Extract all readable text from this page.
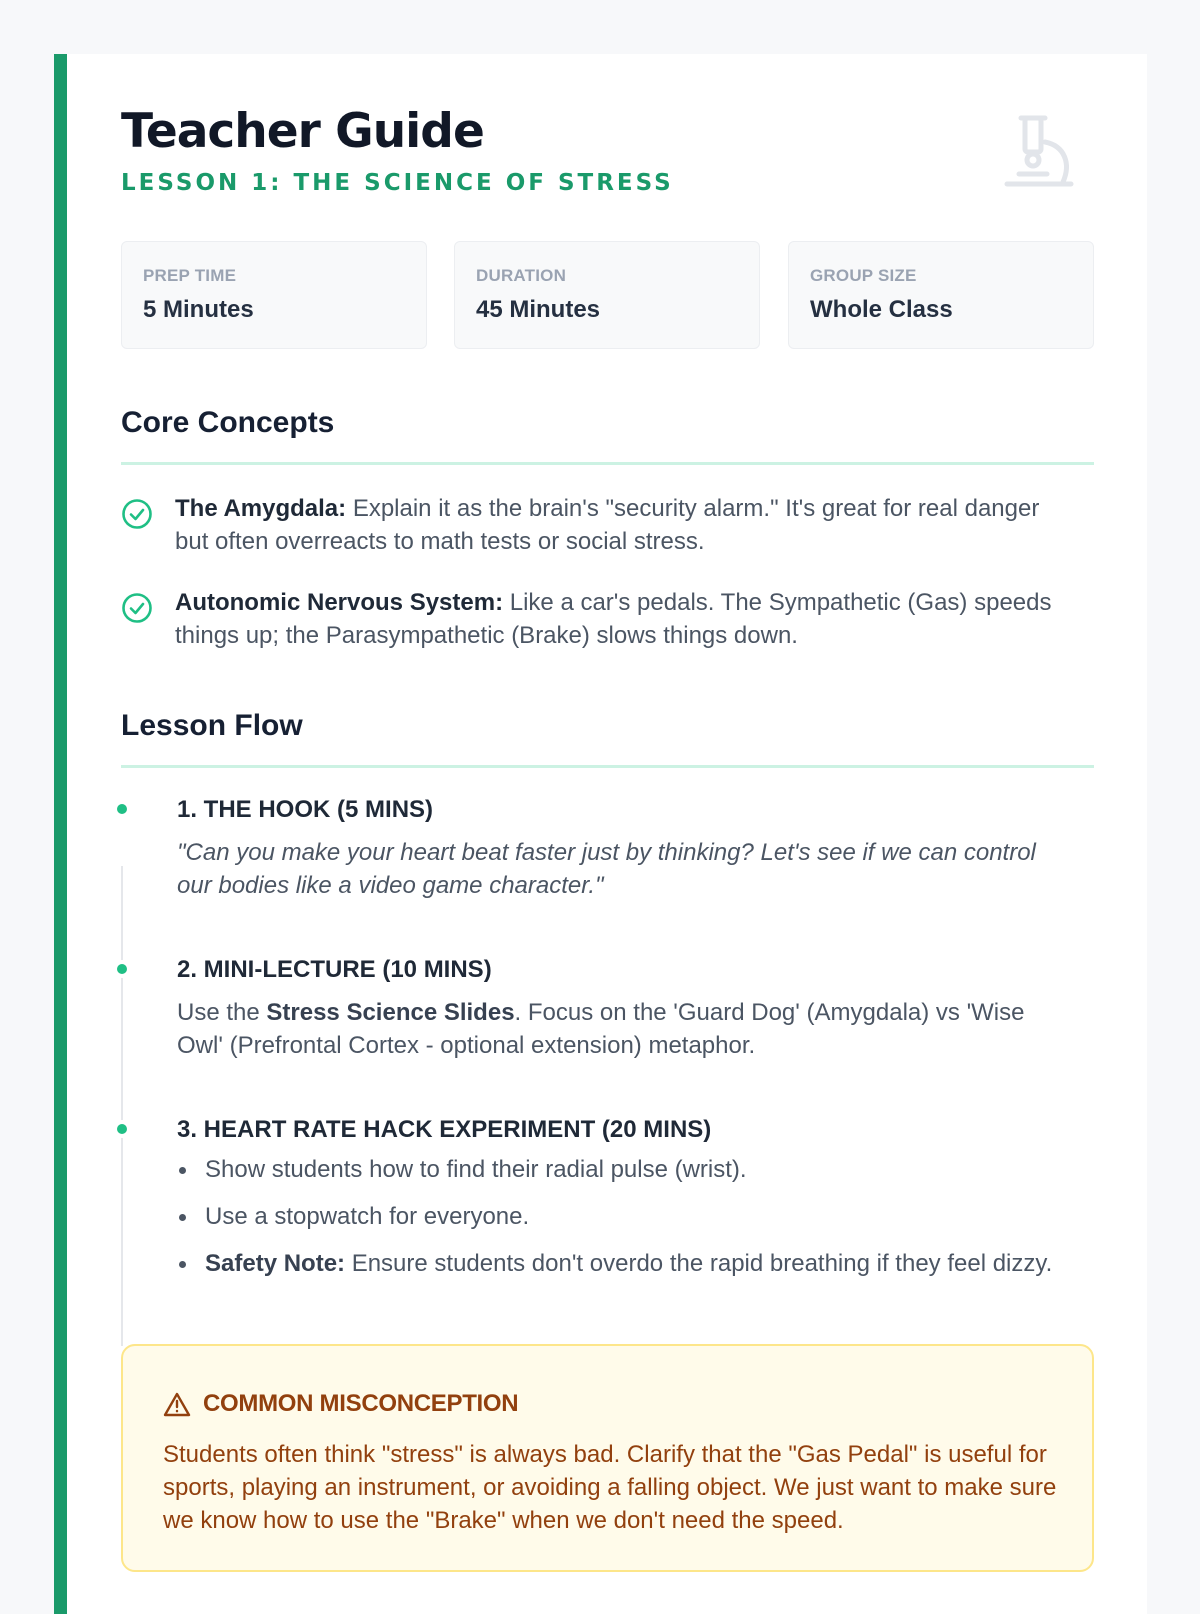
Teacher Guide
LESSON 1: THE SCIENCE OF STRESS
PREP TIME
5 Minutes
DURATION
45 Minutes
GROUP SIZE
Whole Class
Core Concepts
The Amygdala: Explain it as the brain's "security alarm." It's great for real danger but often overreacts to math tests or social stress.
Autonomic Nervous System: Like a car's pedals. The Sympathetic (Gas) speeds things up; the Parasympathetic (Brake) slows things down.
Lesson Flow
1. THE HOOK (5 MINS)
"Can you make your heart beat faster just by thinking? Let's see if we can control our bodies like a video game character."
2. MINI-LECTURE (10 MINS)
Use the Stress Science Slides. Focus on the 'Guard Dog' (Amygdala) vs 'Wise Owl' (Prefrontal Cortex - optional extension) metaphor.
3. HEART RATE HACK EXPERIMENT (20 MINS)
Show students how to find their radial pulse (wrist).
Use a stopwatch for everyone.
Safety Note: Ensure students don't overdo the rapid breathing if they feel dizzy.
COMMON MISCONCEPTION
Students often think "stress" is always bad. Clarify that the "Gas Pedal" is useful for sports, playing an instrument, or avoiding a falling object. We just want to make sure we know how to use the "Brake" when we don't need the speed.
